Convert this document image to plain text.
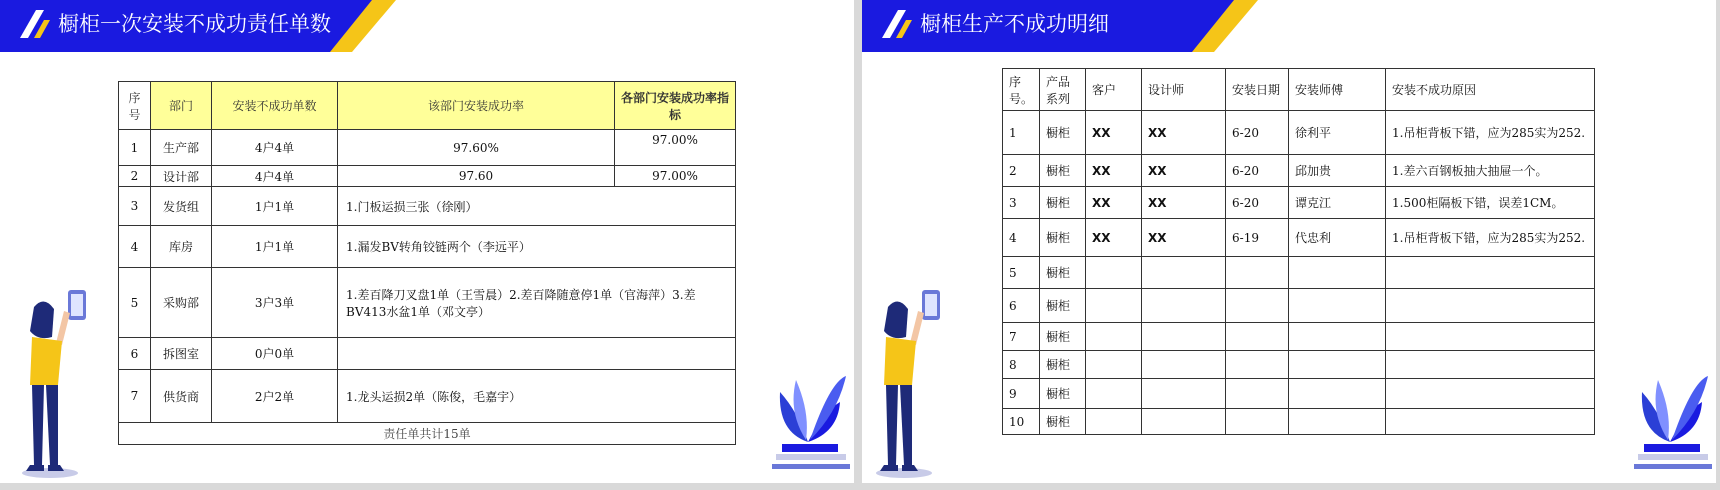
橱柜一次安装不成功责任单数
序号	部门	安装不成功单数	该部门安装成功率	各部门安装成功率指标
1	生产部	4户4单	97.60%	97.00%
2	设计部	4户4单	97.60	97.00%
3	发货组	1户1单	1.门板运损三张（徐刚）	
4	库房	1户1单	1.漏发BV转角铰链两个（李远平）	
5	采购部	3户3单	1.差百降刀叉盘1单（王雪晨）2.差百降随意停1单（官海萍）3.差BV413水盆1单（邓文亭）	
6	拆图室	0户0单		
7	供货商	2户2单	1.龙头运损2单（陈俊，毛嘉宇）	
责任单共计15单				
橱柜生产不成功明细
序号。	产品系列	客户	设计师	安装日期	安装师傅	安装不成功原因
1	橱柜	XX	XX	6-20	徐利平	1.吊柜背板下错，应为285实为252.
2	橱柜	XX	XX	6-20	邱加贵	1.差六百钢板抽大抽屉一个。
3	橱柜	XX	XX	6-20	谭克江	1.500柜隔板下错，误差1CM。
4	橱柜	XX	XX	6-19	代忠利	1.吊柜背板下错，应为285实为252.
5	橱柜					
6	橱柜					
7	橱柜					
8	橱柜					
9	橱柜					
10	橱柜					
